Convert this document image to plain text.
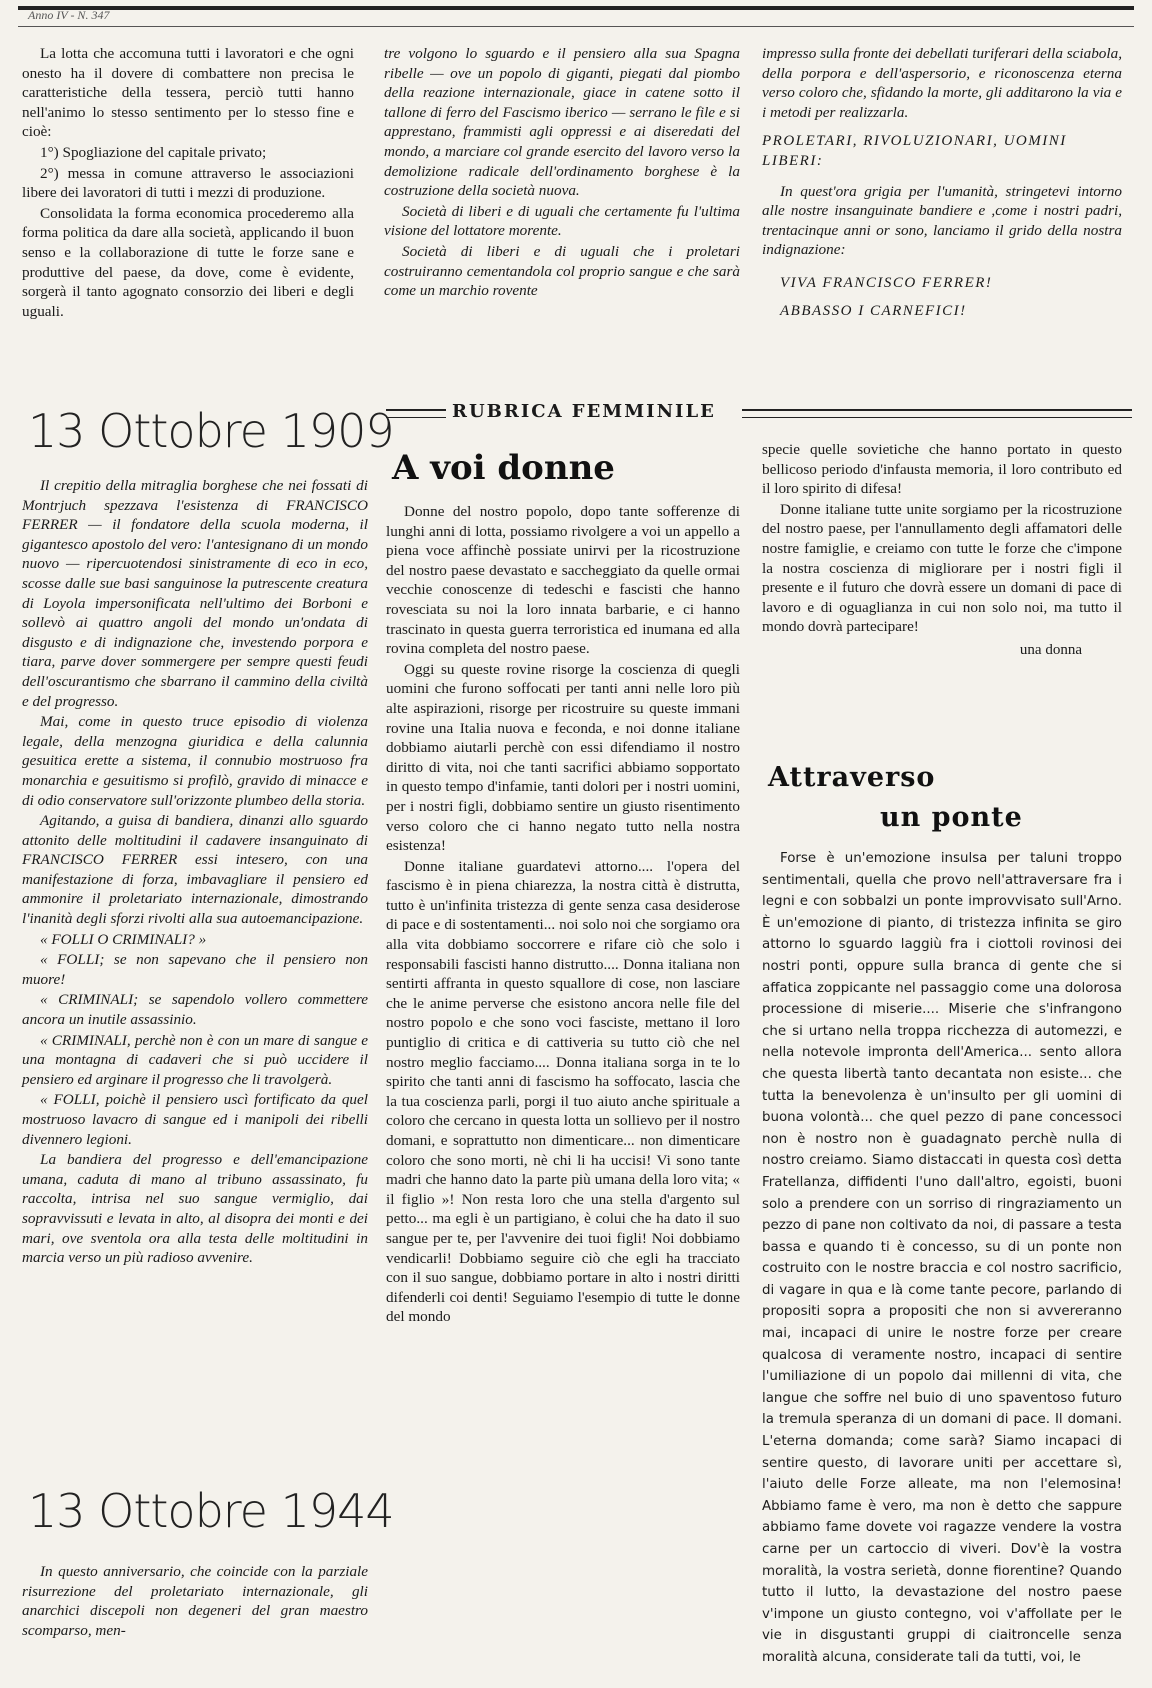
Anno IV - N. 347

La lotta che accomuna tutti i lavoratori e che ogni onesto ha il dovere di combattere non precisa le caratteristiche della tessera, perciò tutti hanno nell'animo lo stesso sentimento per lo stesso fine e cioè:

1°) Spogliazione del capitale privato;

2°) messa in comune attraverso le associazioni libere dei lavoratori di tutti i mezzi di produzione.

Consolidata la forma economica procederemo alla forma politica da dare alla società, applicando il buon senso e la collaborazione di tutte le forze sane e produttive del paese, da dove, come è evidente, sorgerà il tanto agognato consorzio dei liberi e degli uguali.

tre volgono lo sguardo e il pensiero alla sua Spagna ribelle — ove un popolo di giganti, piegati dal piombo della reazione internazionale, giace in catene sotto il tallone di ferro del Fascismo iberico — serrano le file e si apprestano, frammisti agli oppressi e ai diseredati del mondo, a marciare col grande esercito del lavoro verso la demolizione radicale dell'ordinamento borghese è la costruzione della società nuova.

Società di liberi e di uguali che certamente fu l'ultima visione del lottatore morente.

Società di liberi e di uguali che i proletari costruiranno cementandola col proprio sangue e che sarà come un marchio rovente

impresso sulla fronte dei debellati turiferari della sciabola, della porpora e dell'aspersorio, e riconoscenza eterna verso coloro che, sfidando la morte, gli additarono la via e i metodi per realizzarla.

PROLETARI, RIVOLUZIONARI, UOMINI LIBERI:

In quest'ora grigia per l'umanità, stringetevi intorno alle nostre insanguinate bandiere e ,come i nostri padri, trentacinque anni or sono, lanciamo il grido della nostra indignazione:

VIVA FRANCISCO FERRER!

ABBASSO I CARNEFICI!

13 Ottobre 1909

Il crepitio della mitraglia borghese che nei fossati di Montrjuch spezzava l'esistenza di FRANCISCO FERRER — il fondatore della scuola moderna, il gigantesco apostolo del vero: l'antesignano di un mondo nuovo — ripercuotendosi sinistramente di eco in eco, scosse dalle sue basi sanguinose la putrescente creatura di Loyola impersonificata nell'ultimo dei Borboni e sollevò ai quattro angoli del mondo un'ondata di disgusto e di indignazione che, investendo porpora e tiara, parve dover sommergere per sempre questi feudi dell'oscurantismo che sbarrano il cammino della civiltà e del progresso.

Mai, come in questo truce episodio di violenza legale, della menzogna giuridica e della calunnia gesuitica erette a sistema, il connubio mostruoso fra monarchia e gesuitismo si profilò, gravido di minacce e di odio conservatore sull'orizzonte plumbeo della storia.

Agitando, a guisa di bandiera, dinanzi allo sguardo attonito delle moltitudini il cadavere insanguinato di FRANCISCO FERRER essi intesero, con una manifestazione di forza, imbavagliare il pensiero ed ammonire il proletariato internazionale, dimostrando l'inanità degli sforzi rivolti alla sua autoemancipazione.

« FOLLI O CRIMINALI? »

« FOLLI; se non sapevano che il pensiero non muore!

« CRIMINALI; se sapendolo vollero commettere ancora un inutile assassinio.

« CRIMINALI, perchè non è con un mare di sangue e una montagna di cadaveri che si può uccidere il pensiero ed arginare il progresso che li travolgerà.

« FOLLI, poichè il pensiero uscì fortificato da quel mostruoso lavacro di sangue ed i manipoli dei ribelli divennero legioni.

La bandiera del progresso e dell'emancipazione umana, caduta di mano al tribuno assassinato, fu raccolta, intrisa nel suo sangue vermiglio, dai sopravvissuti e levata in alto, al disopra dei monti e dei mari, ove sventola ora alla testa delle moltitudini in marcia verso un più radioso avvenire.

13 Ottobre 1944

In questo anniversario, che coincide con la parziale risurrezione del proletariato internazionale, gli anarchici discepoli non degeneri del gran maestro scomparso, men-

RUBRICA FEMMINILE
A voi donne

Donne del nostro popolo, dopo tante sofferenze di lunghi anni di lotta, possiamo rivolgere a voi un appello a piena voce affinchè possiate unirvi per la ricostruzione del nostro paese devastato e saccheggiato da quelle ormai vecchie conoscenze di tedeschi e fascisti che hanno rovesciata su noi la loro innata barbarie, e ci hanno trascinato in questa guerra terroristica ed inumana ed alla rovina completa del nostro paese.

Oggi su queste rovine risorge la coscienza di quegli uomini che furono soffocati per tanti anni nelle loro più alte aspirazioni, risorge per ricostruire su queste immani rovine una Italia nuova e feconda, e noi donne italiane dobbiamo aiutarli perchè con essi difendiamo il nostro diritto di vita, noi che tanti sacrifici abbiamo sopportato in questo tempo d'infamie, tanti dolori per i nostri uomini, per i nostri figli, dobbiamo sentire un giusto risentimento verso coloro che ci hanno negato tutto nella nostra esistenza!

Donne italiane guardatevi attorno.... l'opera del fascismo è in piena chiarezza, la nostra città è distrutta, tutto è un'infinita tristezza di gente senza casa desiderose di pace e di sostentamenti... noi solo noi che sorgiamo ora alla vita dobbiamo soccorrere e rifare ciò che solo i responsabili fascisti hanno distrutto.... Donna italiana non sentirti affranta in questo squallore di cose, non lasciare che le anime perverse che esistono ancora nelle file del nostro popolo e che sono voci fasciste, mettano il loro puntiglio di critica e di cattiveria su tutto ciò che nel nostro meglio facciamo.... Donna italiana sorga in te lo spirito che tanti anni di fascismo ha soffocato, lascia che la tua coscienza parli, porgi il tuo aiuto anche spirituale a coloro che cercano in questa lotta un sollievo per il nostro domani, e soprattutto non dimenticare... non dimenticare coloro che sono morti, nè chi li ha uccisi! Vi sono tante madri che hanno dato la parte più umana della loro vita; « il figlio »! Non resta loro che una stella d'argento sul petto... ma egli è un partigiano, è colui che ha dato il suo sangue per te, per l'avvenire dei tuoi figli! Noi dobbiamo vendicarli! Dobbiamo seguire ciò che egli ha tracciato con il suo sangue, dobbiamo portare in alto i nostri diritti difenderli coi denti! Seguiamo l'esempio di tutte le donne del mondo

specie quelle sovietiche che hanno portato in questo bellicoso periodo d'infausta memoria, il loro contributo ed il loro spirito di difesa!

Donne italiane tutte unite sorgiamo per la ricostruzione del nostro paese, per l'annullamento degli affamatori delle nostre famiglie, e creiamo con tutte le forze che c'impone la nostra coscienza di migliorare per i nostri figli il presente e il futuro che dovrà essere un domani di pace di lavoro e di oguaglianza in cui non solo noi, ma tutto il mondo dovrà partecipare!

una donna
Attraverso
un ponte

Forse è un'emozione insulsa per taluni troppo sentimentali, quella che provo nell'attraversare fra i legni e con sobbalzi un ponte improvvisato sull'Arno. È un'emozione di pianto, di tristezza infinita se giro attorno lo sguardo laggiù fra i ciottoli rovinosi dei nostri ponti, oppure sulla branca di gente che si affatica zoppicante nel passaggio come una dolorosa processione di miserie.... Miserie che s'infrangono che si urtano nella troppa ricchezza di automezzi, e nella notevole impronta dell'America... sento allora che questa libertà tanto decantata non esiste... che tutta la benevolenza è un'insulto per gli uomini di buona volontà... che quel pezzo di pane concessoci non è nostro non è guadagnato perchè nulla di nostro creiamo. Siamo distaccati in questa così detta Fratellanza, diffidenti l'uno dall'altro, egoisti, buoni solo a prendere con un sorriso di ringraziamento un pezzo di pane non coltivato da noi, di passare a testa bassa e quando ti è concesso, su di un ponte non costruito con le nostre braccia e col nostro sacrificio, di vagare in qua e là come tante pecore, parlando di propositi sopra a propositi che non si avvereranno mai, incapaci di unire le nostre forze per creare qualcosa di veramente nostro, incapaci di sentire l'umiliazione di un popolo dai millenni di vita, che langue che soffre nel buio di uno spaventoso futuro la tremula speranza di un domani di pace. Il domani. L'eterna domanda; come sarà? Siamo incapaci di sentire questo, di lavorare uniti per accettare sì, l'aiuto delle Forze alleate, ma non l'elemosina! Abbiamo fame è vero, ma non è detto che sappure abbiamo fame dovete voi ragazze vendere la vostra carne per un cartoccio di viveri. Dov'è la vostra moralità, la vostra serietà, donne fiorentine? Quando tutto il lutto, la devastazione del nostro paese v'impone un giusto contegno, voi v'affollate per le vie in disgustanti gruppi di ciaitroncelle senza moralità alcuna, considerate tali da tutti, voi, le
